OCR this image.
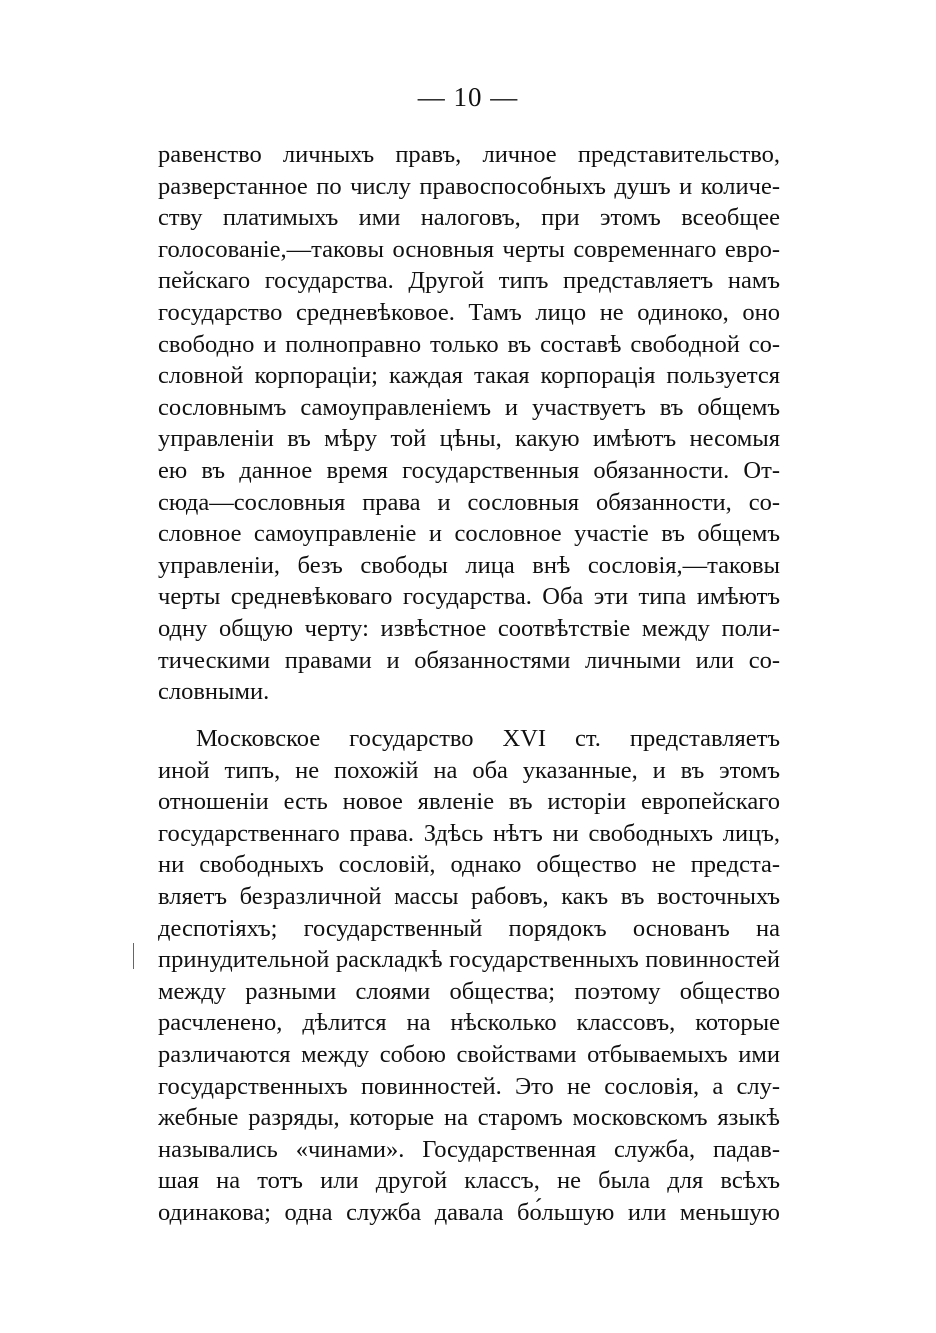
— 10 —
равенство личныхъ правъ, личное представительство,
разверстанное по числу правоспособныхъ душъ и количе-
ству платимыхъ ими налоговъ, при этомъ всеобщее
голосованіе,—таковы основныя черты современнаго евро-
пейскаго государства. Другой типъ представляетъ намъ
государство средневѣковое. Тамъ лицо не одиноко, оно
свободно и полноправно только въ составѣ свободной со-
словной корпораціи; каждая такая корпорація пользуется
сословнымъ самоуправленіемъ и участвуетъ въ общемъ
управленіи въ мѣру той цѣны, какую имѣютъ несомыя
ею въ данное время государственныя обязанности. От-
сюда—сословныя права и сословныя обязанности, со-
словное самоуправленіе и сословное участіе въ общемъ
управленіи, безъ свободы лица внѣ сословія,—таковы
черты средневѣковаго государства. Оба эти типа имѣютъ
одну общую черту: извѣстное соотвѣтствіе между поли-
тическими правами и обязанностями личными или со-
словными.
Московское государство XVI ст. представляетъ
иной типъ, не похожій на оба указанные, и въ этомъ
отношеніи есть новое явленіе въ исторіи европейскаго
государственнаго права. Здѣсь нѣтъ ни свободныхъ лицъ,
ни свободныхъ сословій, однако общество не предста-
вляетъ безразличной массы рабовъ, какъ въ восточныхъ
деспотіяхъ; государственный порядокъ основанъ на
принудительной раскладкѣ государственныхъ повинностей
между разными слоями общества; поэтому общество
расчленено, дѣлится на нѣсколько классовъ, которые
различаются между собою свойствами отбываемыхъ ими
государственныхъ повинностей. Это не сословія, а слу-
жебные разряды, которые на старомъ московскомъ языкѣ
назывались «чинами». Государственная служба, падав-
шая на тотъ или другой классъ, не была для всѣхъ
одинакова; одна служба давала бо́льшую или меньшую
